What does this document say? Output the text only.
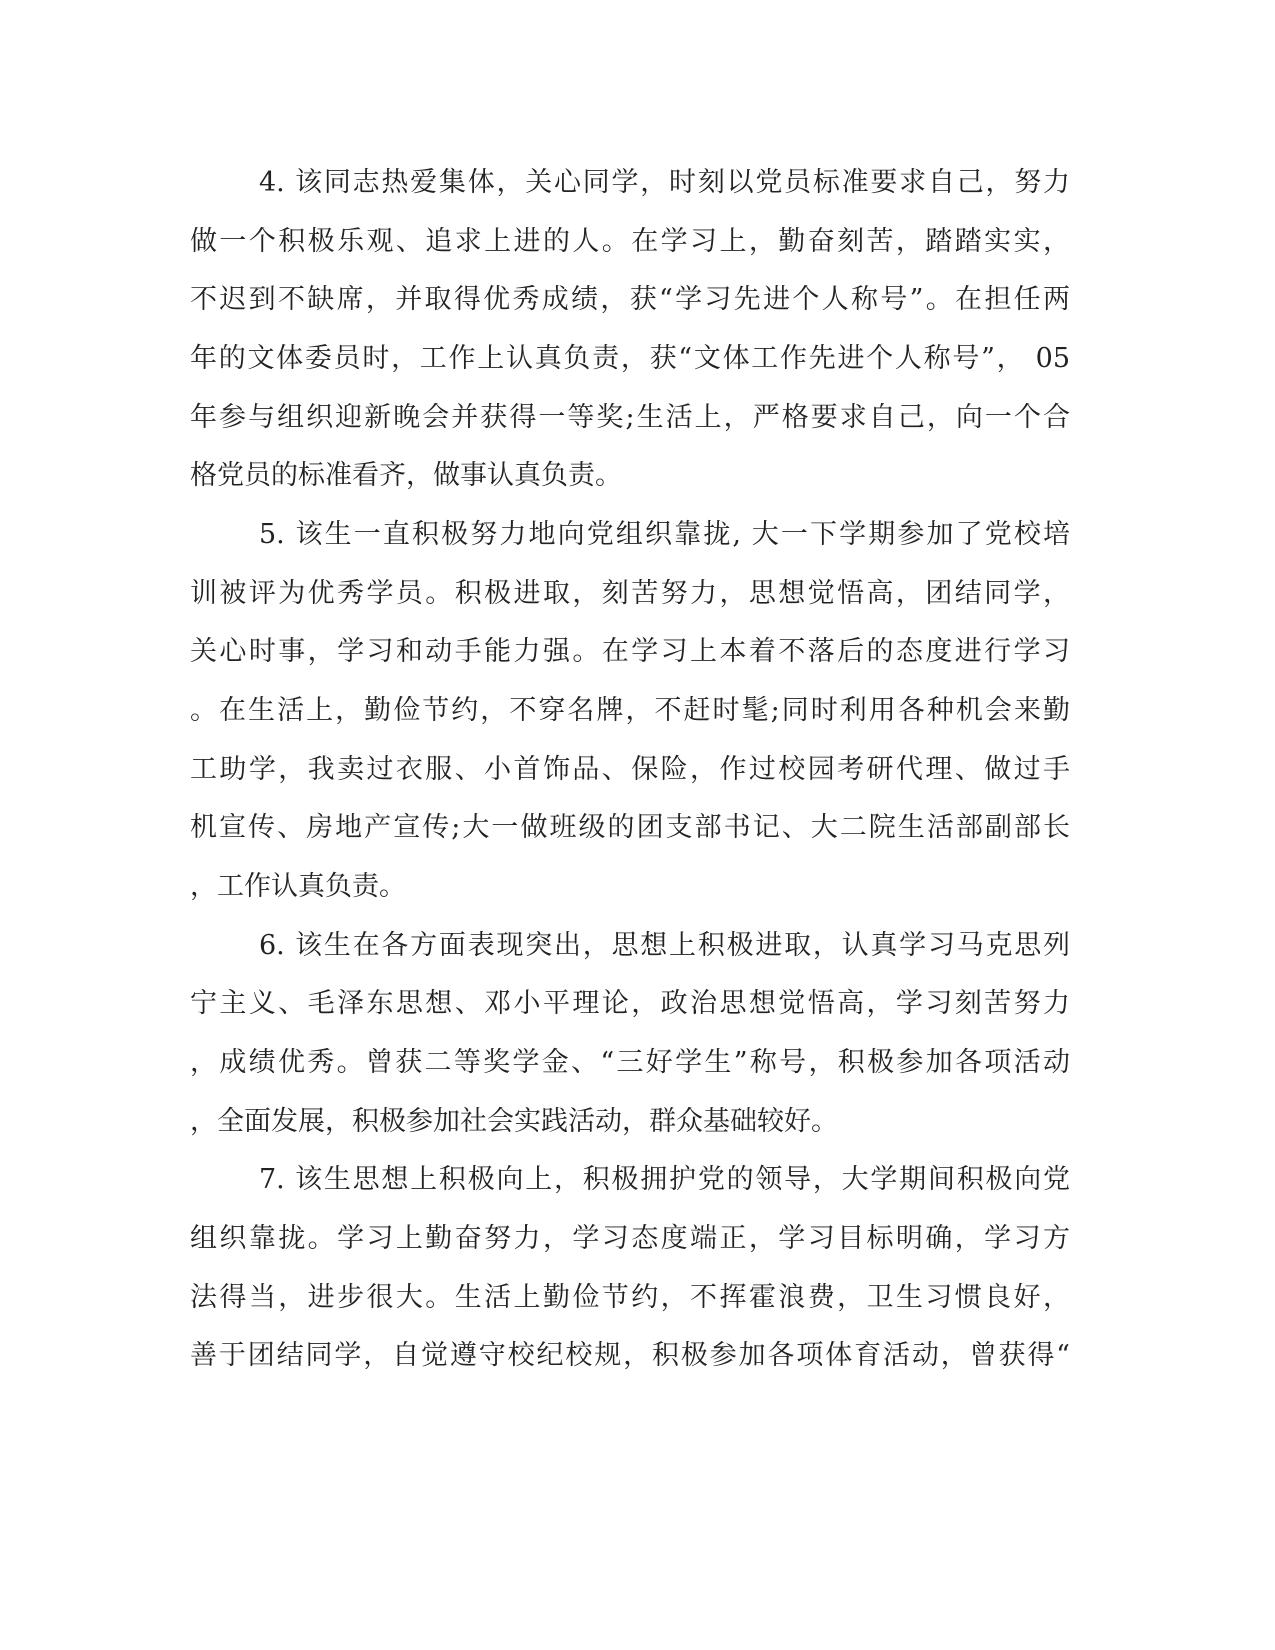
4. 该同志热爱集体，关心同学，时刻以党员标准要求自己，努力
做一个积极乐观、追求上进的人。在学习上，勤奋刻苦，踏踏实实，
不迟到不缺席，并取得优秀成绩，获“学习先进个人称号”。在担任两
年的文体委员时，工作上认真负责，获“文体工作先进个人称号”， 05
年参与组织迎新晚会并获得一等奖;生活上，严格要求自己，向一个合
格党员的标准看齐，做事认真负责。
5. 该生一直积极努力地向党组织靠拢, 大一下学期参加了党校培
训被评为优秀学员。积极进取，刻苦努力，思想觉悟高，团结同学，
关心时事，学习和动手能力强。在学习上本着不落后的态度进行学习
。在生活上，勤俭节约，不穿名牌，不赶时髦;同时利用各种机会来勤
工助学，我卖过衣服、小首饰品、保险，作过校园考研代理、做过手
机宣传、房地产宣传;大一做班级的团支部书记、大二院生活部副部长
，工作认真负责。
6. 该生在各方面表现突出，思想上积极进取，认真学习马克思列
宁主义、毛泽东思想、邓小平理论，政治思想觉悟高，学习刻苦努力
，成绩优秀。曾获二等奖学金、“三好学生”称号，积极参加各项活动
，全面发展，积极参加社会实践活动，群众基础较好。
7. 该生思想上积极向上，积极拥护党的领导，大学期间积极向党
组织靠拢。学习上勤奋努力，学习态度端正，学习目标明确，学习方
法得当，进步很大。生活上勤俭节约，不挥霍浪费，卫生习惯良好，
善于团结同学，自觉遵守校纪校规，积极参加各项体育活动，曾获得“
